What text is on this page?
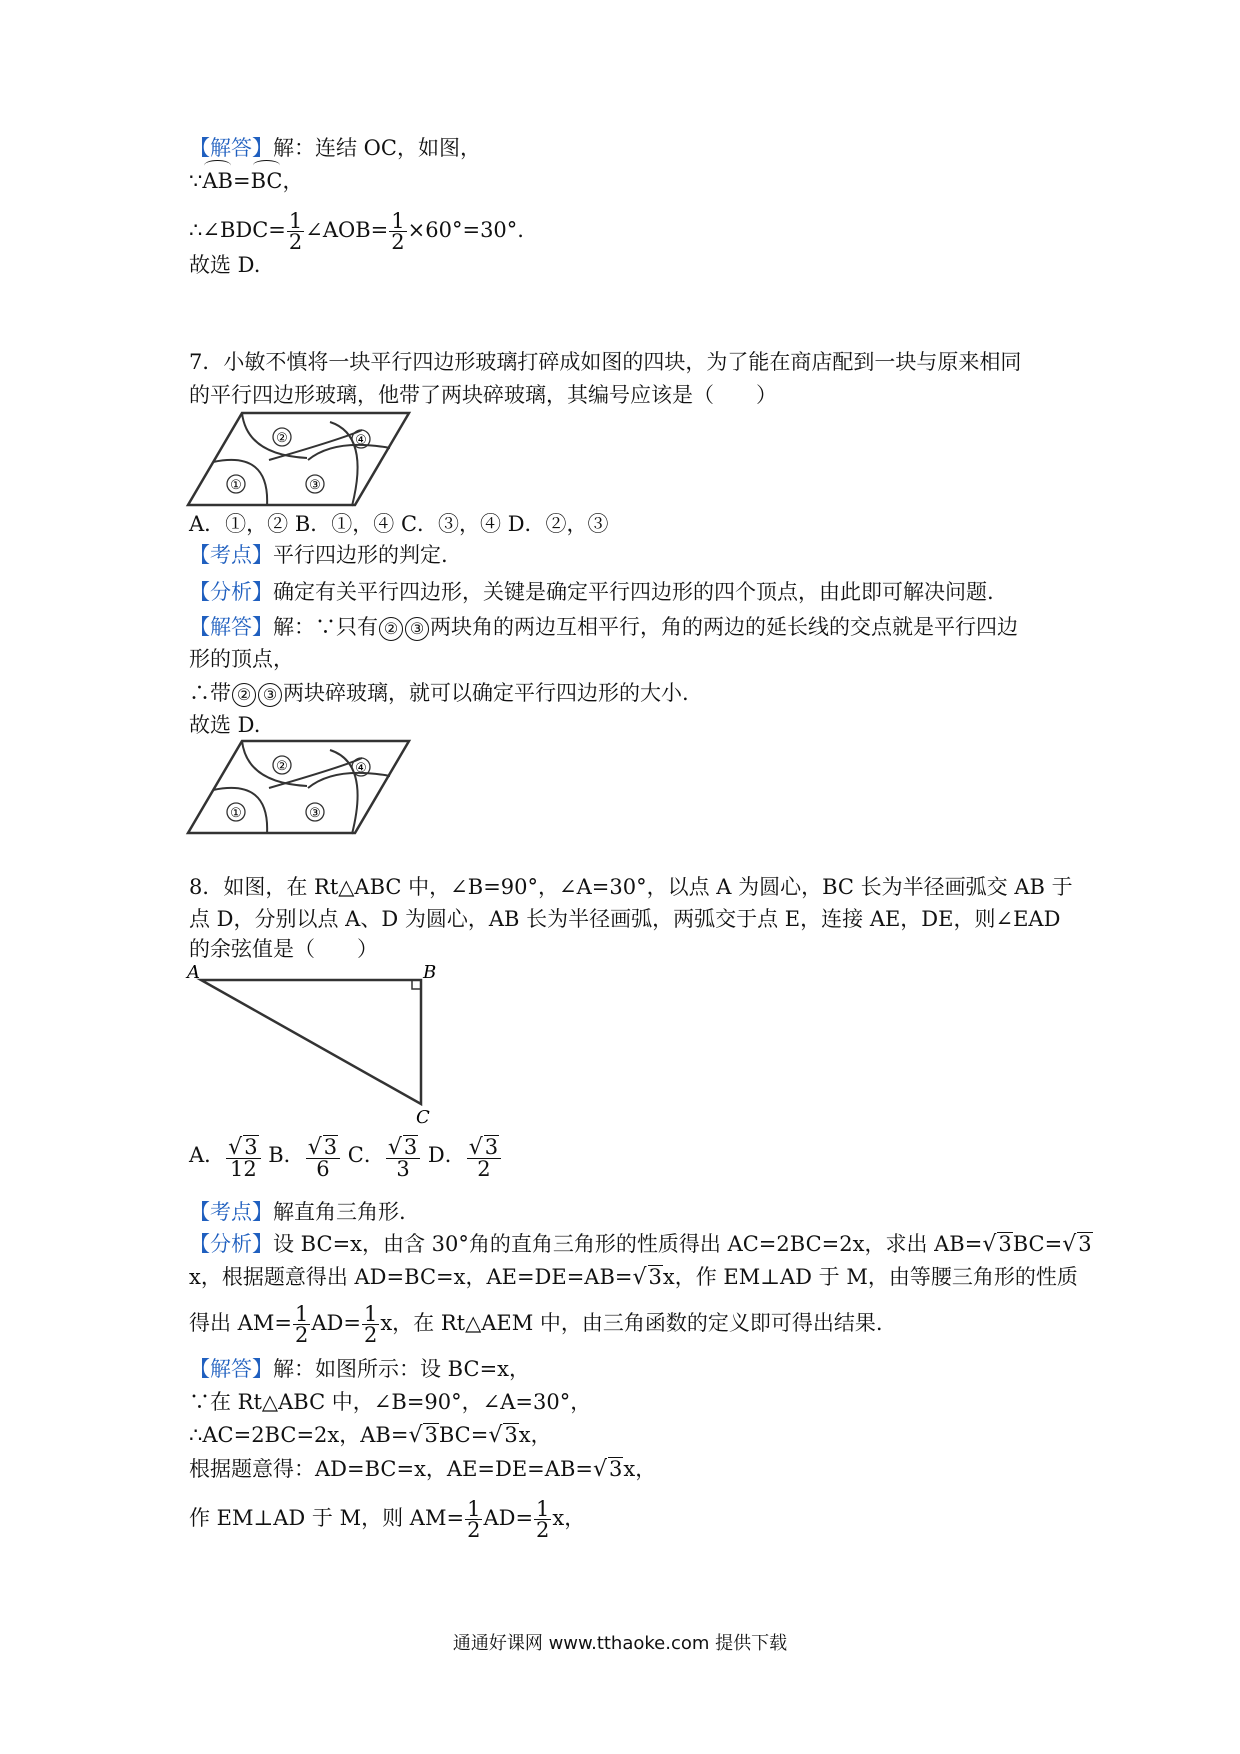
【解答】解：连结 OC，如图，
∵AB=BC，
∴∠BDC= $\frac{1}{2}$ ∠AOB= $\frac{1}{2} \times 60^\circ=30^\circ$.
故选 D.
7．小敏不慎将一块平行四边形玻璃打碎成如图的四块，为了能在商店配到一块与原来相同
的平行四边形玻璃，他带了两块碎玻璃，其编号应该是（　　）
①
②
③
④
A．①，② B．①，④ C．③，④ D．②，③
【考点】平行四边形的判定.
【分析】确定有关平行四边形，关键是确定平行四边形的四个顶点，由此即可解决问题.
【解答】解：∵只有 ② ③ 两块角的两边互相平行，角的两边的延长线的交点就是平行四边
形的顶点，
∴带 ② ③ 两块碎玻璃，就可以确定平行四边形的大小.
故选 D.
①
②
③
④
8．如图，在 Rt△ABC 中，∠B=90°，∠A=30°，以点 A 为圆心，BC 长为半径画弧交 AB 于
点 D，分别以点 A、D 为圆心，AB 长为半径画弧，两弧交于点 E，连接 AE，DE，则∠EAD
的余弦值是（　　）
A	B
C
A． $\frac{√3}{12}$ B． $\frac{√3}{6}$ C． $\frac{√3}{3}$ D． $\frac{√3}{2}$
【考点】解直角三角形.
【分析】设 BC=x，由含 30°角的直角三角形的性质得出 AC=2BC=2x，求出 AB=√3BC=√3
x，根据题意得出 AD=BC=x，AE=DE=AB=√3x，作 EM⊥AD 于 M，由等腰三角形的性质
得出 $AM= \frac{1}{2} AD= \frac{1}{2}$ x，在 Rt△AEM 中，由三角函数的定义即可得出结果.
【解答】解：如图所示：设 BC=x，
∵在 Rt△ABC 中，∠B=90°，∠A=30°，
∴AC=2BC=2x，AB=√3BC=√3x，
根据题意得：AD=BC=x，AE=DE=AB=√3x，
作 EM⊥AD 于 M，则 $AM= \frac{1}{2} AD= \frac{1}{2}$ x，
通通好课网 www.tthaoke.com 提供下载
